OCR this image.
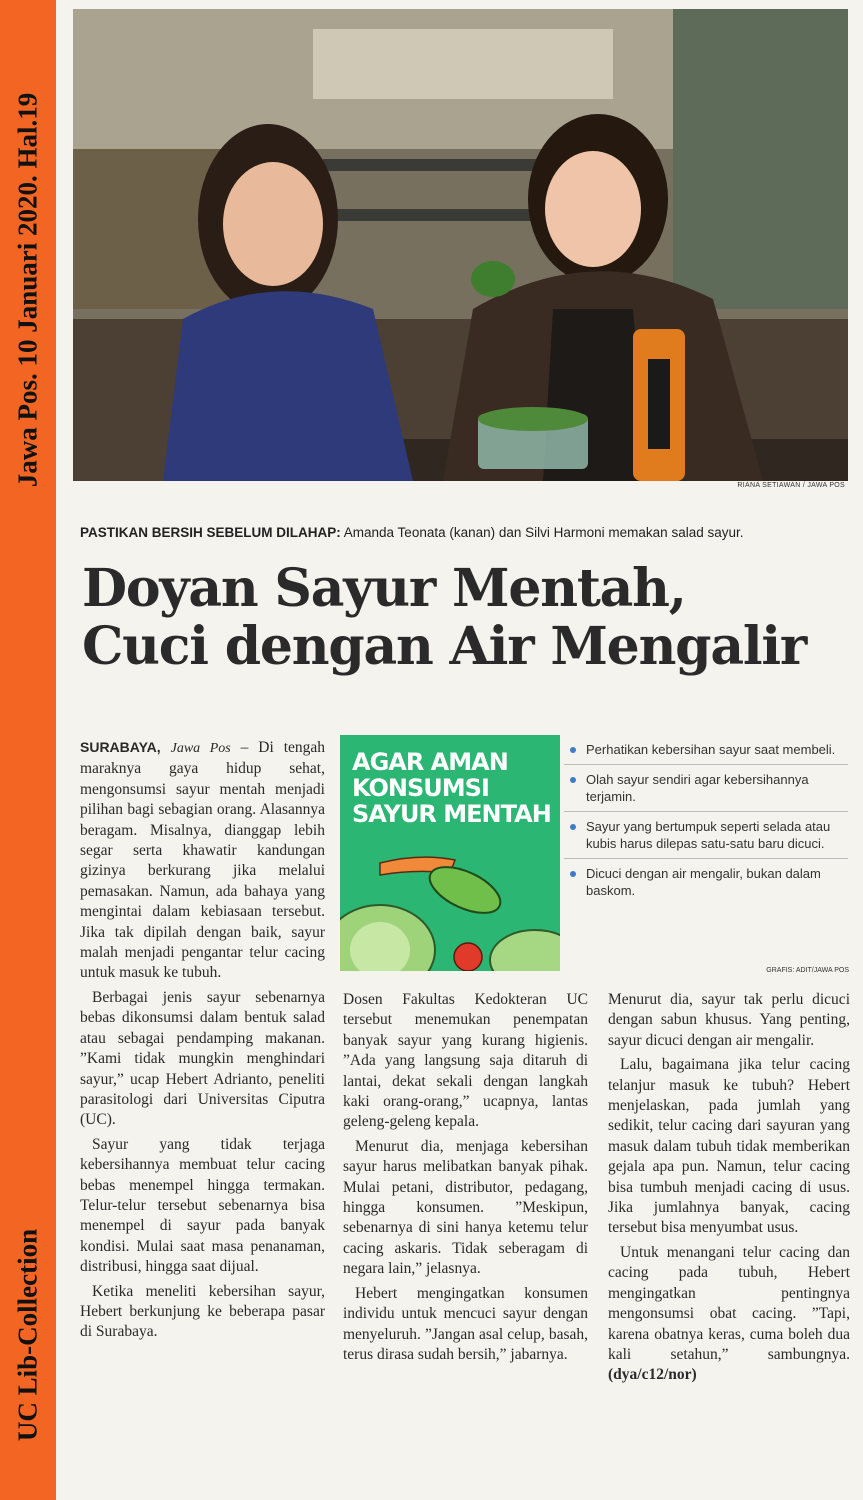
Jawa Pos. 10 Januari 2020. Hal.19
UC Lib-Collection
RIANA SETIAWAN / JAWA POS
PASTIKAN BERSIH SEBELUM DILAHAP: Amanda Teonata (kanan) dan Silvi Harmoni memakan salad sayur.
Doyan Sayur Mentah,
Cuci dengan Air Mengalir

SURABAYA, Jawa Pos – Di tengah maraknya gaya hidup sehat, mengonsumsi sayur mentah menjadi pilihan bagi sebagian orang. Alasannya beragam. Misalnya, dianggap lebih segar serta khawatir kandungan gizinya berkurang jika melalui pemasakan. Namun, ada bahaya yang mengintai dalam kebiasaan tersebut. Jika tak dipilah dengan baik, sayur malah menjadi pengantar telur cacing untuk masuk ke tubuh.

Berbagai jenis sayur sebenarnya bebas dikonsumsi dalam bentuk salad atau sebagai pendamping makanan. ”Kami tidak mungkin menghindari sayur,” ucap Hebert Adrianto, peneliti parasitologi dari Universitas Ciputra (UC).

Sayur yang tidak terjaga kebersihannya membuat telur cacing bebas menempel hingga termakan. Telur-telur tersebut sebenarnya bisa menempel di sayur pada banyak kondisi. Mulai saat masa penanaman, distribusi, hingga saat dijual.

Ketika meneliti kebersihan sayur, Hebert berkunjung ke beberapa pasar di Surabaya.

AGAR AMAN
KONSUMSI
SAYUR MENTAH
Perhatikan kebersihan sayur saat membeli.
Olah sayur sendiri agar kebersihannya terjamin.
Sayur yang bertumpuk seperti selada atau kubis harus dilepas satu-satu baru dicuci.
Dicuci dengan air mengalir, bukan dalam baskom.
GRAFIS: ADIT/JAWA POS

Dosen Fakultas Kedokteran UC tersebut menemukan penempatan banyak sayur yang kurang higienis. ”Ada yang langsung saja ditaruh di lantai, dekat sekali dengan langkah kaki orang-orang,” ucapnya, lantas geleng-geleng kepala.

Menurut dia, menjaga kebersihan sayur harus melibatkan banyak pihak. Mulai petani, distributor, pedagang, hingga konsumen. ”Meskipun, sebenarnya di sini hanya ketemu telur cacing askaris. Tidak seberagam di negara lain,” jelasnya.

Hebert mengingatkan konsumen individu untuk mencuci sayur dengan menyeluruh. ”Jangan asal celup, basah, terus dirasa sudah bersih,” jabarnya.

Menurut dia, sayur tak perlu dicuci dengan sabun khusus. Yang penting, sayur dicuci dengan air mengalir.

Lalu, bagaimana jika telur cacing telanjur masuk ke tubuh? Hebert menjelaskan, pada jumlah yang sedikit, telur cacing dari sayuran yang masuk dalam tubuh tidak memberikan gejala apa pun. Namun, telur cacing bisa tumbuh menjadi cacing di usus. Jika jumlahnya banyak, cacing tersebut bisa menyumbat usus.

Untuk menangani telur cacing dan cacing pada tubuh, Hebert mengingatkan pentingnya mengonsumsi obat cacing. ”Tapi, karena obatnya keras, cuma boleh dua kali setahun,” sambungnya. (dya/c12/nor)
